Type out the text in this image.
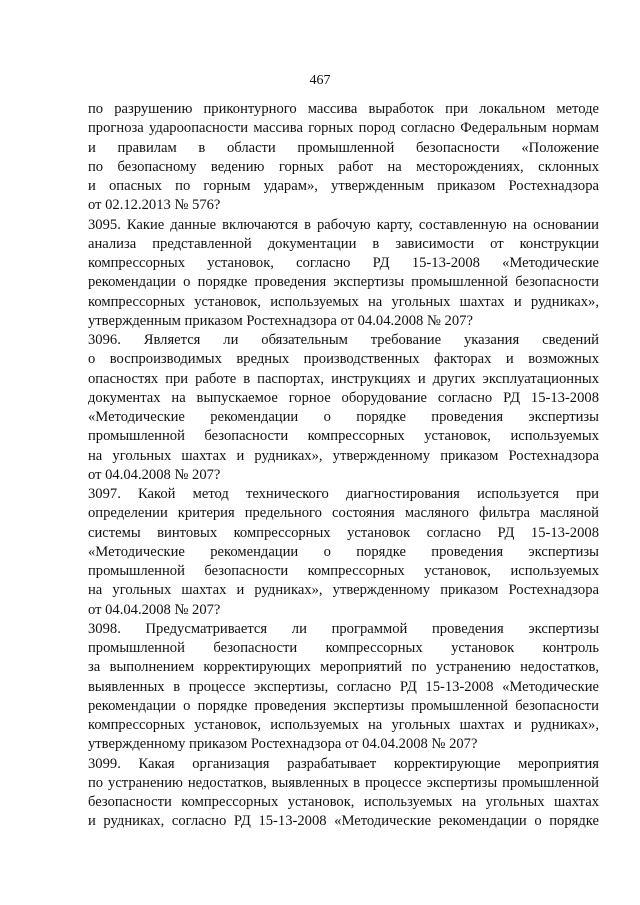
467
по разрушению приконтурного массива выработок при локальном методе
прогноза удароопасности массива горных пород согласно Федеральным нормам
и правилам в области промышленной безопасности «Положение
по безопасному ведению горных работ на месторождениях, склонных
и опасных по горным ударам», утвержденным приказом Ростехнадзора
от 02.12.2013 № 576?
3095. Какие данные включаются в рабочую карту, составленную на основании
анализа представленной документации в зависимости от конструкции
компрессорных установок, согласно РД 15-13-2008 «Методические
рекомендации о порядке проведения экспертизы промышленной безопасности
компрессорных установок, используемых на угольных шахтах и рудниках»,
утвержденным приказом Ростехнадзора от 04.04.2008 № 207?
3096. Является ли обязательным требование указания сведений
о воспроизводимых вредных производственных факторах и возможных
опасностях при работе в паспортах, инструкциях и других эксплуатационных
документах на выпускаемое горное оборудование согласно РД 15-13-2008
«Методические рекомендации о порядке проведения экспертизы
промышленной безопасности компрессорных установок, используемых
на угольных шахтах и рудниках», утвержденному приказом Ростехнадзора
от 04.04.2008 № 207?
3097. Какой метод технического диагностирования используется при
определении критерия предельного состояния масляного фильтра масляной
системы винтовых компрессорных установок согласно РД 15-13-2008
«Методические рекомендации о порядке проведения экспертизы
промышленной безопасности компрессорных установок, используемых
на угольных шахтах и рудниках», утвержденному приказом Ростехнадзора
от 04.04.2008 № 207?
3098. Предусматривается ли программой проведения экспертизы
промышленной безопасности компрессорных установок контроль
за выполнением корректирующих мероприятий по устранению недостатков,
выявленных в процессе экспертизы, согласно РД 15-13-2008 «Методические
рекомендации о порядке проведения экспертизы промышленной безопасности
компрессорных установок, используемых на угольных шахтах и рудниках»,
утвержденному приказом Ростехнадзора от 04.04.2008 № 207?
3099. Какая организация разрабатывает корректирующие мероприятия
по устранению недостатков, выявленных в процессе экспертизы промышленной
безопасности компрессорных установок, используемых на угольных шахтах
и рудниках, согласно РД 15-13-2008 «Методические рекомендации о порядке
